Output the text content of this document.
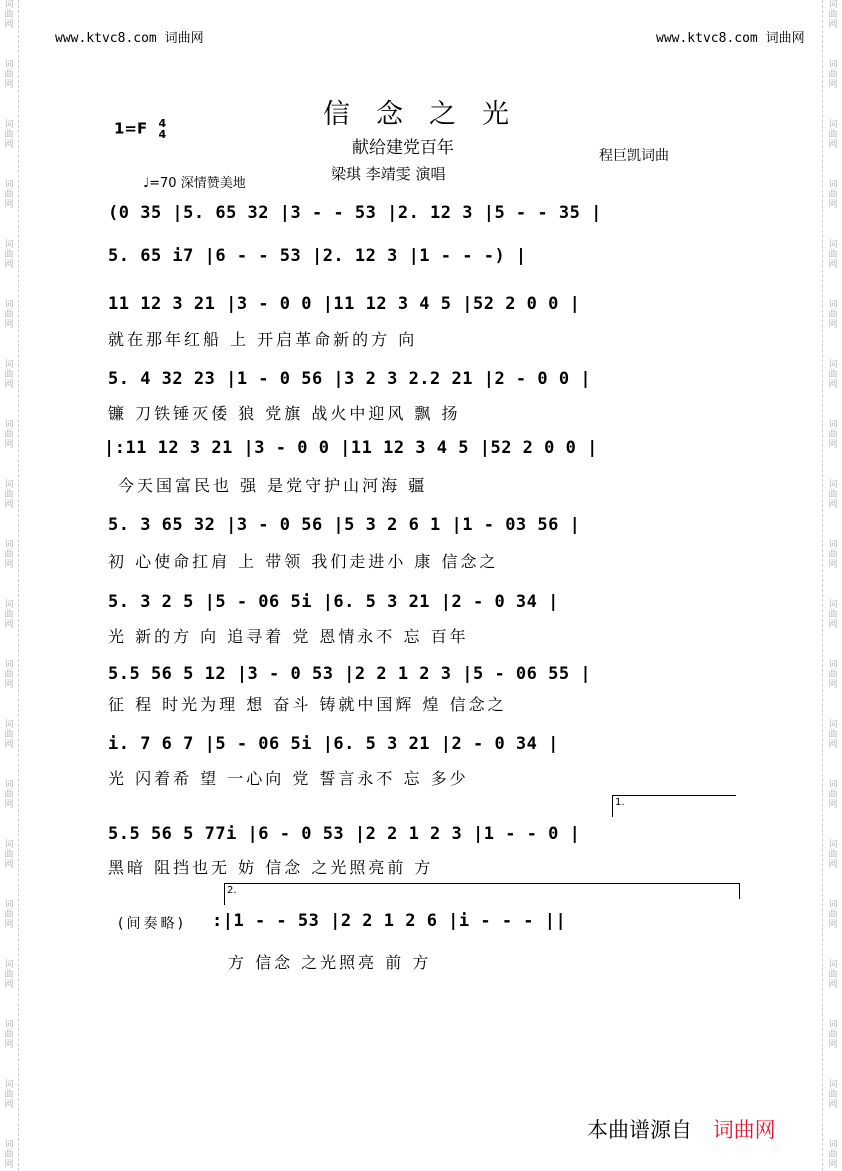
词
曲
网
词
曲
网
词
曲
网
词
曲
网
词
曲
网
词
曲
网
词
曲
网
词
曲
网
词
曲
网
词
曲
网
词
曲
网
词
曲
网
词
曲
网
词
曲
网
词
曲
网
词
曲
网
词
曲
网
词
曲
网
词
曲
网
词
曲
网
词
曲
网
词
曲
网
词
曲
网
词
曲
网
词
曲
网
词
曲
网
词
曲
网
词
曲
网
词
曲
网
词
曲
网
词
曲
网
词
曲
网
词
曲
网
词
曲
网
词
曲
网
词
曲
网
词
曲
网
词
曲
网
词
曲
网
词
曲
网
www.ktvc8.com 词曲网	www.ktvc8.com 词曲网
1=F 4
4
信念之光
献给建党百年
梁琪 李靖雯 演唱
程巨凯词曲
♩=70 深情赞美地
(0 35 |5. 65 32 |3 - - 53 |2. 12 3 |5 - - 35 |
5. 65 i7 |6 - - 53 |2. 12 3 |1 - - -) |
11 12 3 21 |3 - 0 0 |11 12 3 4 5 |52 2 0 0 |
就在那年红船 上 开启革命新的方 向
5. 4 32 23 |1 - 0 56 |3 2 3 2.2 21 |2 - 0 0 |
镰 刀铁锤灭倭 狼 党旗 战火中迎风 飘 扬
|:11 12 3 21 |3 - 0 0 |11 12 3 4 5 |52 2 0 0 |
今天国富民也 强 是党守护山河海 疆
5. 3 65 32 |3 - 0 56 |5 3 2 6 1 |1 - 03 56 |
初 心使命扛肩 上 带领 我们走进小 康 信念之
5. 3 2 5 |5 - 06 5i |6. 5 3 21 |2 - 0 34 |
光 新的方 向 追寻着 党 恩情永不 忘 百年
5.5 56 5 12 |3 - 0 53 |2 2 1 2 3 |5 - 06 55 |
征 程 时光为理 想 奋斗 铸就中国辉 煌 信念之
i. 7 6 7 |5 - 06 5i |6. 5 3 21 |2 - 0 34 |
光 闪着希 望 一心向 党 誓言永不 忘 多少
1.
5.5 56 5 77i |6 - 0 53 |2 2 1 2 3 |1 - - 0 |
黑暗 阻挡也无 妨 信念 之光照亮前 方
2.
(间奏略) :|1 - - 53 |2 2 1 2 6 |i - - - ||
方 信念 之光照亮 前 方
本曲谱源自 词曲网
